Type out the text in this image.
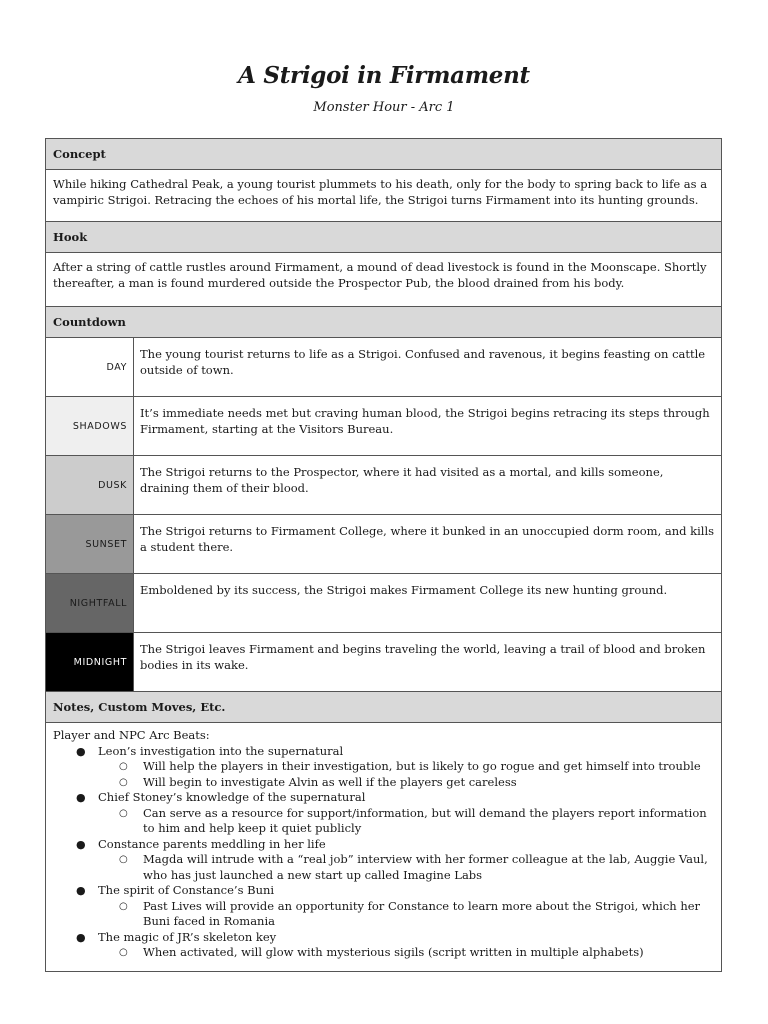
A Strigoi in Firmament
Monster Hour - Arc 1
Concept
While hiking Cathedral Peak, a young tourist plummets to his death, only for the body to spring back to life as a vampiric Strigoi. Retracing the echoes of his mortal life, the Strigoi turns Firmament into its hunting grounds.
Hook
After a string of cattle rustles around Firmament, a mound of dead livestock is found in the Moonscape. Shortly thereafter, a man is found murdered outside the Prospector Pub, the blood drained from his body.
Countdown
DAY
The young tourist returns to life as a Strigoi. Confused and ravenous, it begins feasting on cattle outside of town.
SHADOWS
It’s immediate needs met but craving human blood, the Strigoi begins retracing its steps through Firmament, starting at the Visitors Bureau.
DUSK
The Strigoi returns to the Prospector, where it had visited as a mortal, and kills someone, draining them of their blood.
SUNSET
The Strigoi returns to Firmament College, where it bunked in an unoccupied dorm room, and kills a student there.
NIGHTFALL
Emboldened by its success, the Strigoi makes Firmament College its new hunting ground.
MIDNIGHT
The Strigoi leaves Firmament and begins traveling the world, leaving a trail of blood and broken bodies in its wake.
Notes, Custom Moves, Etc.
Player and NPC Arc Beats:
● Leon’s investigation into the supernatural
○ Will help the players in their investigation, but is likely to go rogue and get himself into trouble
○ Will begin to investigate Alvin as well if the players get careless
● Chief Stoney’s knowledge of the supernatural
○ Can serve as a resource for support/information, but will demand the players report information to him and help keep it quiet publicly
● Constance parents meddling in her life
○ Magda will intrude with a “real job” interview with her former colleague at the lab, Auggie Vaul, who has just launched a new start up called Imagine Labs
● The spirit of Constance’s Buni
○ Past Lives will provide an opportunity for Constance to learn more about the Strigoi, which her Buni faced in Romania
● The magic of JR’s skeleton key
○ When activated, will glow with mysterious sigils (script written in multiple alphabets)
